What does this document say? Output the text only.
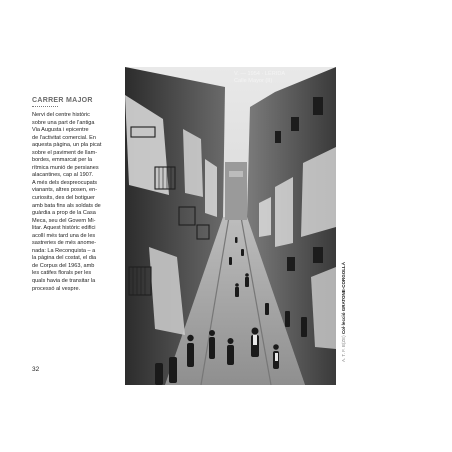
CARRER MAJOR

Nervi del centre històric

sobre una part de l'antiga

Via Augusta i epicentre

de l'activitat comercial. En

aquesta pàgina, un pla picat

sobre el paviment de llam-

bordes, emmarcat per la

rítmica munió de persianes

alacantines, cap al 1907.

A més dels despreocupats

vianants, altres posen, en-

curiosits, des del botiguer

amb bata fins als soldats de

guàrdia a prop de la Casa

Meca, seu del Govern Mi-

litar. Aquest històric edifici

acollí més tard una de les

sastreries de més anome-

nada: La Reconquista – a

la pàgina del costat, el dia

de Corpus del 1963, amb

les catifes florals per les

quals havia de transitar la

processó al vespre.

32
V. — 1954 · LÉRIDA
Calle Mayor (II)
A. T. F. B(ZE) Col·lecció GRATONE-CORGOLLÀ
